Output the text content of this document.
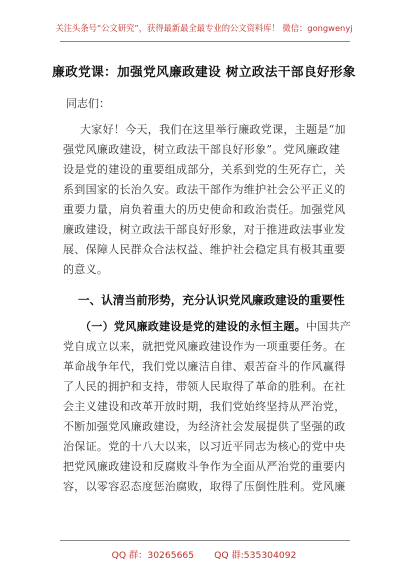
关注头条号“公文研究”，获得最新最全最专业的公文资料库！ 微信：gongwenyj
廉政党课：加强党风廉政建设 树立政法干部良好形象
同志们：
大家好！今天，我们在这里举行廉政党课，主题是“加
强党风廉政建设，树立政法干部良好形象”。党风廉政建
设是党的建设的重要组成部分，关系到党的生死存亡，关
系到国家的长治久安。政法干部作为维护社会公平正义的
重要力量，肩负着重大的历史使命和政治责任。加强党风
廉政建设，树立政法干部良好形象，对于推进政法事业发
展、保障人民群众合法权益、维护社会稳定具有极其重要
的意义。
一、认清当前形势，充分认识党风廉政建设的重要性
（一）党风廉政建设是党的建设的永恒主题。中国共产
党自成立以来，就把党风廉政建设作为一项重要任务。在
革命战争年代，我们党以廉洁自律、艰苦奋斗的作风赢得
了人民的拥护和支持，带领人民取得了革命的胜利。在社
会主义建设和改革开放时期，我们党始终坚持从严治党，
不断加强党风廉政建设，为经济社会发展提供了坚强的政
治保证。党的十八大以来，以习近平同志为核心的党中央
把党风廉政建设和反腐败斗争作为全面从严治党的重要内
容，以零容忍态度惩治腐败，取得了压倒性胜利。党风廉
QQ 群：30265665 QQ 群:535304092
